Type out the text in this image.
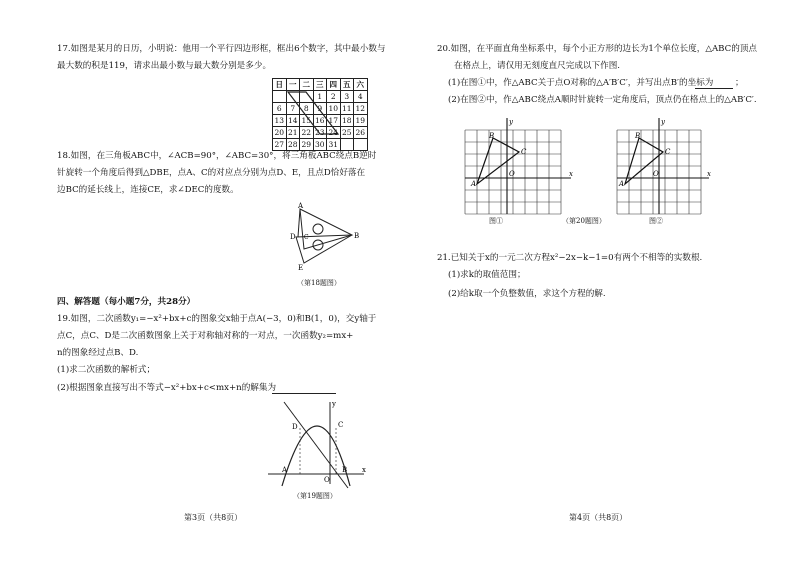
17.如图是某月的日历，小明说：他用一个平行四边形框，框出6个数字，其中最小数与
最大数的积是119，请求出最小数与最大数分别是多少。
日	一	二	三	四	五	六
			1	2	3	4
6	7	8	9	10	11	12
13	14	15	16	17	18	19
20	21	22	23	24	25	26
27	28	29	30	31		
18.如图，在三角板ABC中，∠ACB=90°，∠ABC=30°，将三角板ABC绕点B逆时
针旋转一个角度后得到△DBE，点A、C的对应点分别为点D、E，且点D恰好落在
边BC的延长线上，连接CE，求∠DEC的度数。
A
B
D C
E
（第18题图）
四、解答题（每小题7分，共28分）
19.如图，二次函数y₁=−x²+bx+c的图象交x轴于点A(−3，0)和B(1，0)，交y轴于
点C，点C、D是二次函数图象上关于对称轴对称的一对点，一次函数y₂=mx+
n的图象经过点B、D.
(1)求二次函数的解析式；
(2)根据图象直接写出不等式−x²+bx+c<mx+n的解集为
D	C
A	B
O
x
y
（第19题图）
第3页（共8页）
20.如图，在平面直角坐标系中，每个小正方形的边长为1个单位长度，△ABC的顶点
在格点上，请仅用无刻度直尺完成以下作图.
(1)在图①中，作△ABC关于点O对称的△A′B′C′，并写出点B′的坐标为	；
(2)在图②中，作△ABC绕点A顺时针旋转一定角度后，顶点仍在格点上的△AB′C′.
x
y
B
C
A
O
图①	（第20题图）
x
y
B
C
A
O
图②
21.已知关于x的一元二次方程x²−2x−k−1=0有两个不相等的实数根.
(1)求k的取值范围；
(2)给k取一个负整数值，求这个方程的解.
第4页（共8页）
